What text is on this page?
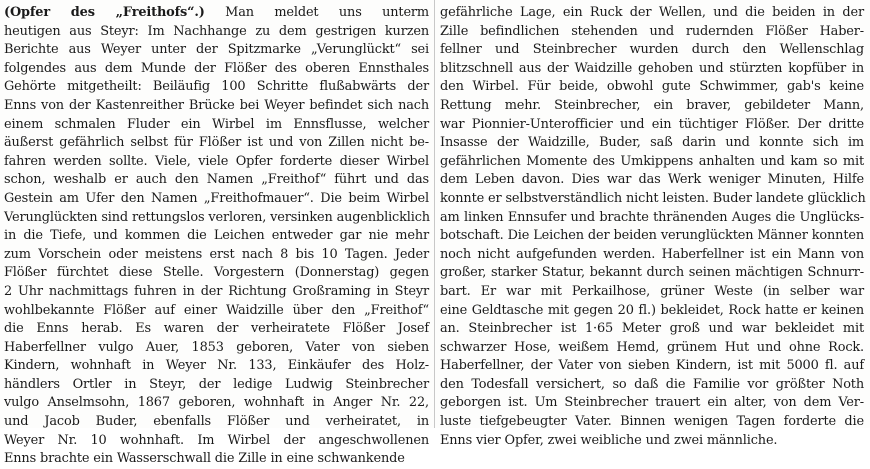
(Opfer des „Freithofs“.) Man meldet uns unterm
heutigen aus Steyr: Im Nachhange zu dem gestrigen kurzen
Berichte aus Weyer unter der Spitzmarke „Verunglückt“ sei
folgendes aus dem Munde der Flößer des oberen Ennsthales
Gehörte mitgetheilt: Beiläufig 100 Schritte flußabwärts der
Enns von der Kastenreither Brücke bei Weyer befindet sich nach
einem schmalen Fluder ein Wirbel im Ennsflusse, welcher
äußerst gefährlich selbst für Flößer ist und von Zillen nicht be-
fahren werden sollte. Viele, viele Opfer forderte dieser Wirbel
schon, weshalb er auch den Namen „Freithof“ führt und das
Gestein am Ufer den Namen „Freithofmauer“. Die beim Wirbel
Verunglückten sind rettungslos verloren, versinken augenblicklich
in die Tiefe, und kommen die Leichen entweder gar nie mehr
zum Vorschein oder meistens erst nach 8 bis 10 Tagen. Jeder
Flößer fürchtet diese Stelle. Vorgestern (Donnerstag) gegen
2 Uhr nachmittags fuhren in der Richtung Großraming in Steyr
wohlbekannte Flößer auf einer Waidzille über den „Freithof“
die Enns herab. Es waren der verheiratete Flößer Josef
Haberfellner vulgo Auer, 1853 geboren, Vater von sieben
Kindern, wohnhaft in Weyer Nr. 133, Einkäufer des Holz-
händlers Ortler in Steyr, der ledige Ludwig Steinbrecher
vulgo Anselmsohn, 1867 geboren, wohnhaft in Anger Nr. 22,
und Jacob Buder, ebenfalls Flößer und verheiratet, in
Weyer Nr. 10 wohnhaft. Im Wirbel der angeschwollenen
Enns brachte ein Wasserschwall die Zille in eine schwankende
gefährliche Lage, ein Ruck der Wellen, und die beiden in der
Zille befindlichen stehenden und rudernden Flößer Haber-
fellner und Steinbrecher wurden durch den Wellenschlag
blitzschnell aus der Waidzille gehoben und stürzten kopfüber in
den Wirbel. Für beide, obwohl gute Schwimmer, gab's keine
Rettung mehr. Steinbrecher, ein braver, gebildeter Mann,
war Pionnier-Unterofficier und ein tüchtiger Flößer. Der dritte
Insasse der Waidzille, Buder, saß darin und konnte sich im
gefährlichen Momente des Umkippens anhalten und kam so mit
dem Leben davon. Dies war das Werk weniger Minuten, Hilfe
konnte er selbstverständlich nicht leisten. Buder landete glücklich
am linken Ennsufer und brachte thränenden Auges die Unglücks-
botschaft. Die Leichen der beiden verunglückten Männer konnten
noch nicht aufgefunden werden. Haberfellner ist ein Mann von
großer, starker Statur, bekannt durch seinen mächtigen Schnurr-
bart. Er war mit Perkailhose, grüner Weste (in selber war
eine Geldtasche mit gegen 20 fl.) bekleidet, Rock hatte er keinen
an. Steinbrecher ist 1·65 Meter groß und war bekleidet mit
schwarzer Hose, weißem Hemd, grünem Hut und ohne Rock.
Haberfellner, der Vater von sieben Kindern, ist mit 5000 fl. auf
den Todesfall versichert, so daß die Familie vor größter Noth
geborgen ist. Um Steinbrecher trauert ein alter, von dem Ver-
luste tiefgebeugter Vater. Binnen wenigen Tagen forderte die
Enns vier Opfer, zwei weibliche und zwei männliche.
